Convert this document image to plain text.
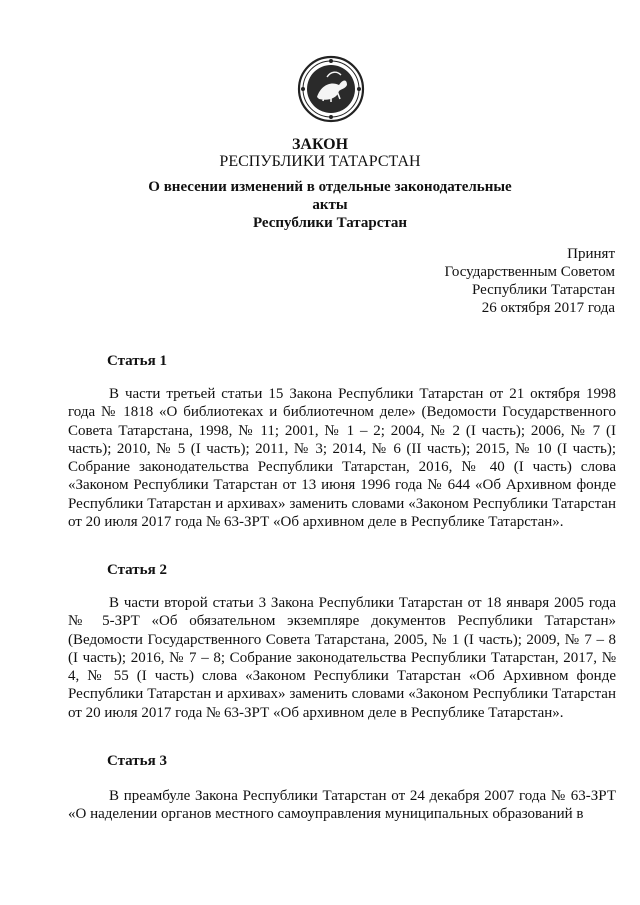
ЗАКОН
РЕСПУБЛИКИ ТАТАРСТАН
О внесении изменений в отдельные законодательные акты
Республики Татарстан
Принят
Государственным Советом
Республики Татарстан
26 октября 2017 года
Статья 1

В части третьей статьи 15 Закона Республики Татарстан от 21 октября 1998 года № 1818 «О библиотеках и библиотечном деле» (Ведомости Государственного Совета Татарстана, 1998, № 11; 2001, № 1 – 2; 2004, № 2 (I часть); 2006, № 7 (I часть); 2010, № 5 (I часть); 2011, № 3; 2014, № 6 (II часть); 2015, № 10 (I часть); Собрание законодательства Республики Татарстан, 2016, № 40 (I часть) слова «Законом Республики Татарстан от 13 июня 1996 года № 644 «Об Архивном фонде Республики Татарстан и архивах» заменить словами «Законом Республики Татарстан от 20 июля 2017 года № 63-ЗРТ «Об архивном деле в Республике Татарстан».

Статья 2

В части второй статьи 3 Закона Республики Татарстан от 18 января 2005 года № 5-ЗРТ «Об обязательном экземпляре документов Республики Татарстан» (Ведомости Государственного Совета Татарстана, 2005, № 1 (I часть); 2009, № 7 – 8 (I часть); 2016, № 7 – 8; Собрание законодательства Республики Татарстан, 2017, № 4, № 55 (I часть) слова «Законом Республики Татарстан «Об Архивном фонде Республики Татарстан и архивах» заменить словами «Законом Республики Татарстан от 20 июля 2017 года № 63-ЗРТ «Об архивном деле в Республике Татарстан».

Статья 3

В преамбуле Закона Республики Татарстан от 24 декабря 2007 года № 63-ЗРТ «О наделении органов местного самоуправления муниципальных образований в
